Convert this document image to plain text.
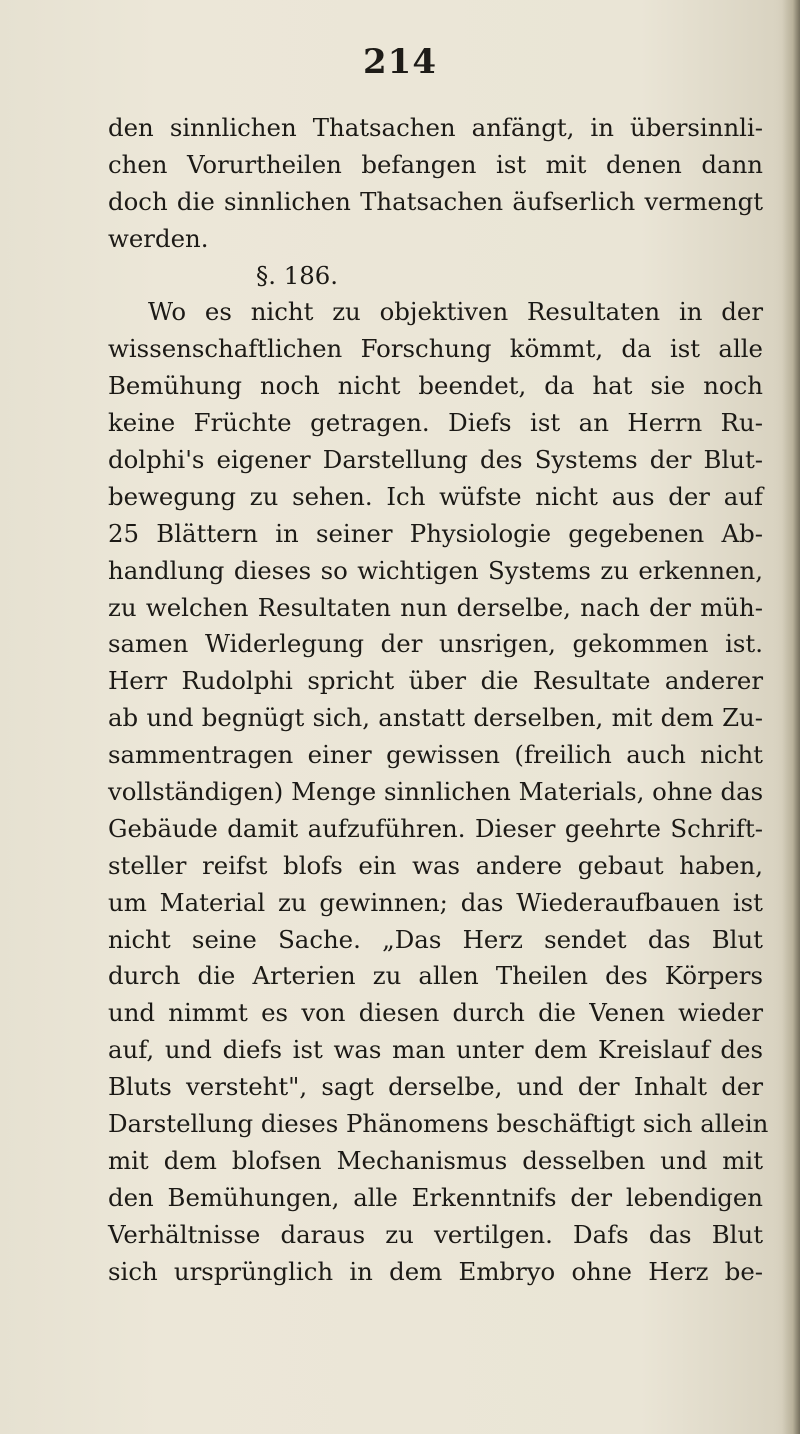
214
den sinnlichen Thatsachen anfängt, in übersinnli-
chen Vorurtheilen befangen ist mit denen dann
doch die sinnlichen Thatsachen äufserlich vermengt
werden.
§. 186.
Wo es nicht zu objektiven Resultaten in der
wissenschaftlichen Forschung kömmt, da ist alle
Bemühung noch nicht beendet, da hat sie noch
keine Früchte getragen. Diefs ist an Herrn Ru-
dolphi's eigener Darstellung des Systems der Blut-
bewegung zu sehen. Ich wüfste nicht aus der auf
25 Blättern in seiner Physiologie gegebenen Ab-
handlung dieses so wichtigen Systems zu erkennen,
zu welchen Resultaten nun derselbe, nach der müh-
samen Widerlegung der unsrigen, gekommen ist.
Herr Rudolphi spricht über die Resultate anderer
ab und begnügt sich, anstatt derselben, mit dem Zu-
sammentragen einer gewissen (freilich auch nicht
vollständigen) Menge sinnlichen Materials, ohne das
Gebäude damit aufzuführen. Dieser geehrte Schrift-
steller reifst blofs ein was andere gebaut haben,
um Material zu gewinnen; das Wiederaufbauen ist
nicht seine Sache. „Das Herz sendet das Blut
durch die Arterien zu allen Theilen des Körpers
und nimmt es von diesen durch die Venen wieder
auf, und diefs ist was man unter dem Kreislauf des
Bluts versteht", sagt derselbe, und der Inhalt der
Darstellung dieses Phänomens beschäftigt sich allein
mit dem blofsen Mechanismus desselben und mit
den Bemühungen, alle Erkenntnifs der lebendigen
Verhältnisse daraus zu vertilgen. Dafs das Blut
sich ursprünglich in dem Embryo ohne Herz be-
